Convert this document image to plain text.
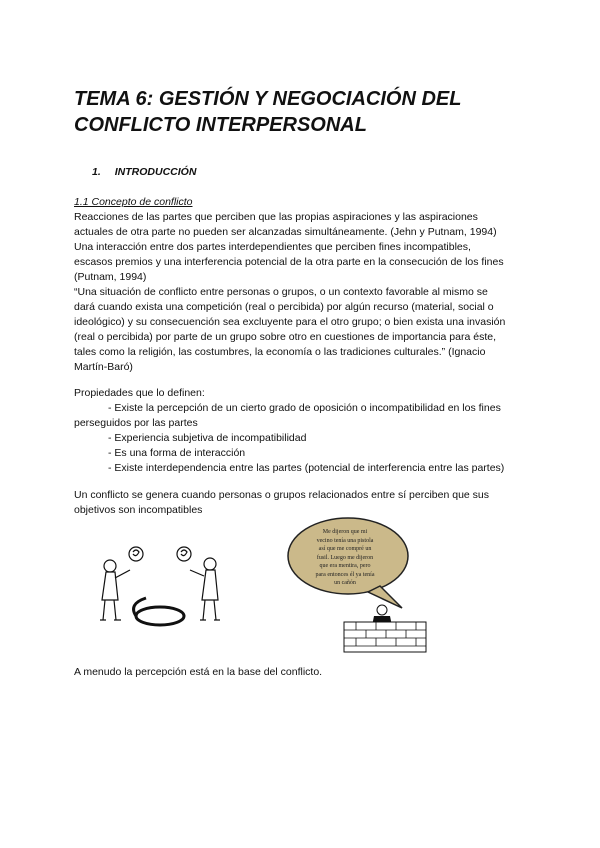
TEMA 6: GESTIÓN Y NEGOCIACIÓN DEL
CONFLICTO INTERPERSONAL
1. INTRODUCCIÓN
1.1 Concepto de conflicto
Reacciones de las partes que perciben que las propias aspiraciones y las aspiraciones
actuales de otra parte no pueden ser alcanzadas simultáneamente. (Jehn y Putnam, 1994)
Una interacción entre dos partes interdependientes que perciben fines incompatibles,
escasos premios y una interferencia potencial de la otra parte en la consecución de los fines
(Putnam, 1994)
“Una situación de conflicto entre personas o grupos, o un contexto favorable al mismo se
dará cuando exista una competición (real o percibida) por algún recurso (material, social o
ideológico) y su consecuención sea excluyente para el otro grupo; o bien exista una invasión
(real o percibida) por parte de un grupo sobre otro en cuestiones de importancia para éste,
tales como la religión, las costumbres, la economía o las tradiciones culturales.” (Ignacio
Martín-Baró)
Propiedades que lo definen:
- Existe la percepción de un cierto grado de oposición o incompatibilidad en los fines
perseguidos por las partes
- Experiencia subjetiva de incompatibilidad
- Es una forma de interacción
- Existe interdependencia entre las partes (potencial de interferencia entre las partes)
Un conflicto se genera cuando personas o grupos relacionados entre sí perciben que sus
objetivos son incompatibles
Me dijeron que mi
vecino tenía una pistola
así que me compré un
fusil. Luego me dijeron
que era mentira, pero
para entonces él ya tenía
un cañón
A menudo la percepción está en la base del conflicto.
